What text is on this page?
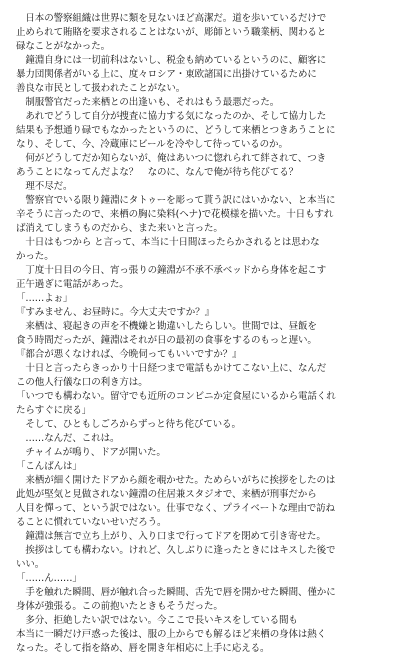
　日本の警察組織は世界に類を見ないほど高潔だ。道を歩いているだけで
止められて賄賂を要求されることはないが、彫師という職業柄、関わると
碌なことがなかった。
　鐘淵自身には一切前科はないし、税金も納めているというのに、顧客に
暴力団関係者がいる上に、度々ロシア・東欧諸国に出掛けているために
善良な市民として扱われたことがない。
　制服警官だった来栖との出逢いも、それはもう最悪だった。
　あれでどうして自分が捜査に協力する気になったのか、そして協力した
結果も予想通り碌でもなかったというのに、どうして来栖とつきあうことに
なり、そして、今、冷蔵庫にビールを冷やして待っているのか。
　何がどうしてだか知らないが、俺はあいつに惚れられて絆されて、つき
あうことになってんだよな？　なのに、なんで俺が待ち侘びてる？
　理不尽だ。
　警察官でいる限り鐘淵にタトゥーを彫って貰う訳にはいかない、と本当に
辛そうに言ったので、来栖の胸に染料(ヘナ)で花模様を描いた。十日もすれ
ば消えてしまうものだから、また来いと言った。
　十日はもつから と言って、本当に十日間ほったらかされるとは思わな
かった。
　丁度十日目の今日、宵っ張りの鐘淵が不承不承ベッドから身体を起こす
正午過ぎに電話があった。
「……よぉ」
『すみません、お昼時に。今大丈夫ですか？』
　来栖は、寝起きの声を不機嫌と勘違いしたらしい。世間では、昼飯を
食う時間だったが、鐘淵はそれが日の最初の食事をするのもっと遅い。
『都合が悪くなければ、今晩伺ってもいいですか？』
　十日と言ったらきっかり十日経つまで電話もかけてこない上に、なんだ
この他人行儀な口の利き方は。
「いつでも構わない。留守でも近所のコンビニか定食屋にいるから電話くれ
たらすぐに戻る」
　そして、ひともしごろからずっと待ち侘びている。
　……なんだ、これは。
　チャイムが鳴り、ドアが開いた。
「こんばんは」
　来栖が細く開けたドアから顔を覗かせた。ためらいがちに挨拶をしたのは
此処が堅気と見做されない鐘淵の住居兼スタジオで、来栖が刑事だから
人目を憚って、という訳ではない。仕事でなく、プライベートな理由で訪ね
ることに慣れていないせいだろう。
　鐘淵は無言で立ち上がり、入り口まで行ってドアを閉めて引き寄せた。
　挨拶はしても構わない。けれど、久しぶりに逢ったときにはキスした後で
いい。
「……ん……」
　手を触れた瞬間、唇が触れ合った瞬間、舌先で唇を開かせた瞬間、僅かに
身体が強張る。この前抱いたときもそうだった。
　多分、拒絶したい訳ではない。今ここで長いキスをしている間も
本当に一瞬だけ戸惑った後は、服の上からでも解るほど来栖の身体は熱く
なった。そして指を絡め、唇を開き年相応に上手に応える。
